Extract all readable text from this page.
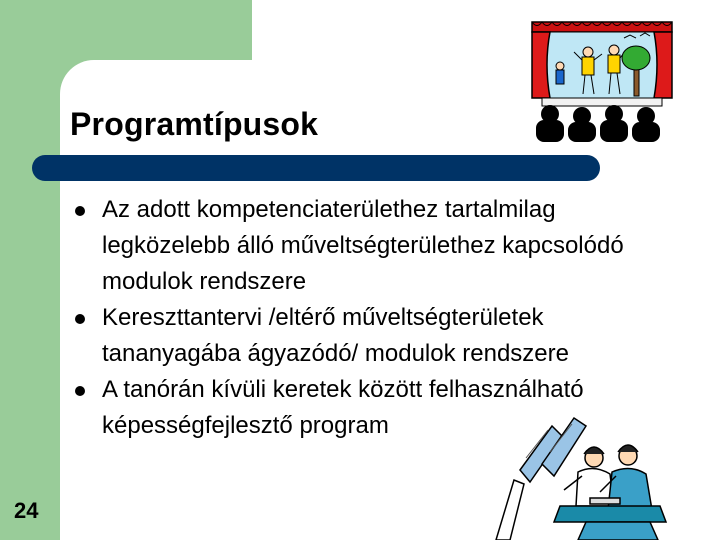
Programtípusok
Az adott kompetenciaterülethez tartalmilag legközelebb álló műveltségterülethez kapcsolódó modulok rendszere
Kereszttantervi /eltérő műveltségterületek tananyagába ágyazódó/ modulok rendszere
A tanórán kívüli keretek között felhasználható képességfejlesztő program
24
